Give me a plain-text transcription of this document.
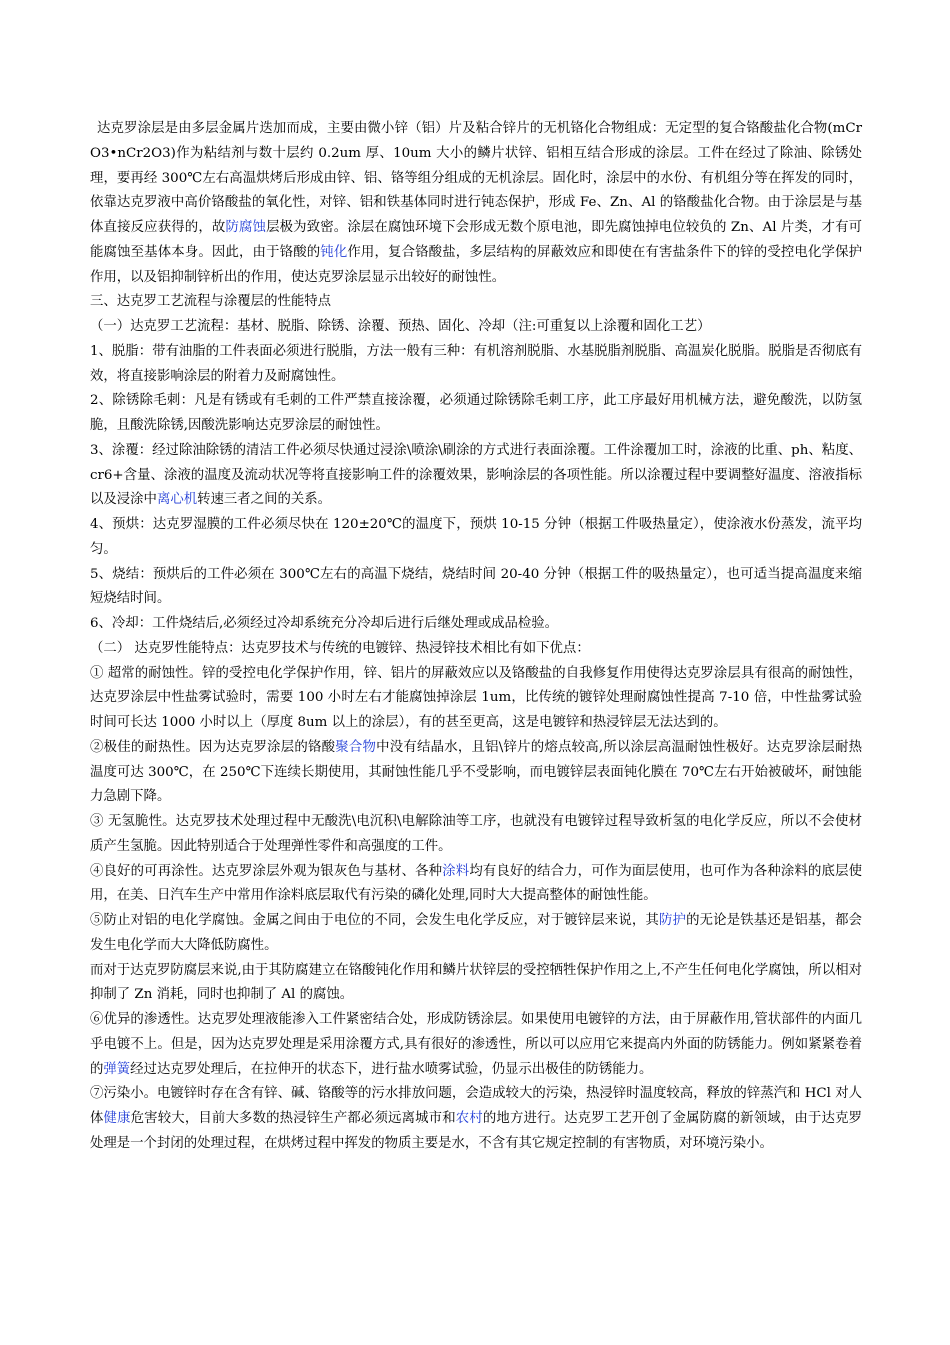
达克罗涂层是由多层金属片迭加而成，主要由微小锌（铝）片及粘合锌片的无机铬化合物组成：无定型的复合铬酸盐化合物(mCrO3•nCr2O3)作为粘结剂与数十层约 0.2um 厚、10um 大小的鳞片状锌、铝相互结合形成的涂层。工件在经过了除油、除锈处理，要再经 300℃左右高温烘烤后形成由锌、铝、铬等组分组成的无机涂层。固化时，涂层中的水份、有机组分等在挥发的同时，依靠达克罗液中高价铬酸盐的氧化性，对锌、铝和铁基体同时进行钝态保护，形成 Fe、Zn、Al 的铬酸盐化合物。由于涂层是与基体直接反应获得的，故防腐蚀层极为致密。涂层在腐蚀环境下会形成无数个原电池，即先腐蚀掉电位较负的 Zn、Al 片类，才有可能腐蚀至基体本身。因此，由于铬酸的钝化作用，复合铬酸盐，多层结构的屏蔽效应和即使在有害盐条件下的锌的受控电化学保护作用，以及铝抑制锌析出的作用，使达克罗涂层显示出较好的耐蚀性。

三、达克罗工艺流程与涂覆层的性能特点

（一）达克罗工艺流程：基材、脱脂、除锈、涂覆、预热、固化、冷却（注:可重复以上涂覆和固化工艺）

1、脱脂：带有油脂的工件表面必须进行脱脂，方法一般有三种：有机溶剂脱脂、水基脱脂剂脱脂、高温炭化脱脂。脱脂是否彻底有效，将直接影响涂层的附着力及耐腐蚀性。

2、除锈除毛刺：凡是有锈或有毛刺的工件严禁直接涂覆，必须通过除锈除毛刺工序，此工序最好用机械方法，避免酸洗，以防氢脆，且酸洗除锈,因酸洗影响达克罗涂层的耐蚀性。

3、涂覆：经过除油除锈的清洁工件必须尽快通过浸涂\喷涂\刷涂的方式进行表面涂覆。工件涂覆加工时，涂液的比重、ph、粘度、cr6+含量、涂液的温度及流动状况等将直接影响工件的涂覆效果，影响涂层的各项性能。所以涂覆过程中要调整好温度、溶液指标以及浸涂中离心机转速三者之间的关系。

4、预烘：达克罗湿膜的工件必须尽快在 120±20℃的温度下，预烘 10-15 分钟（根据工件吸热量定），使涂液水份蒸发，流平均匀。

5、烧结：预烘后的工件必须在 300℃左右的高温下烧结，烧结时间 20-40 分钟（根据工件的吸热量定），也可适当提高温度来缩短烧结时间。

6、冷却：工件烧结后,必须经过冷却系统充分冷却后进行后继处理或成品检验。

（二） 达克罗性能特点：达克罗技术与传统的电镀锌、热浸锌技术相比有如下优点：

① 超常的耐蚀性。锌的受控电化学保护作用，锌、铝片的屏蔽效应以及铬酸盐的自我修复作用使得达克罗涂层具有很高的耐蚀性，达克罗涂层中性盐雾试验时，需要 100 小时左右才能腐蚀掉涂层 1um，比传统的镀锌处理耐腐蚀性提高 7-10 倍，中性盐雾试验时间可长达 1000 小时以上（厚度 8um 以上的涂层），有的甚至更高，这是电镀锌和热浸锌层无法达到的。

②极佳的耐热性。因为达克罗涂层的铬酸聚合物中没有结晶水，且铝\锌片的熔点较高,所以涂层高温耐蚀性极好。达克罗涂层耐热温度可达 300℃，在 250℃下连续长期使用，其耐蚀性能几乎不受影响，而电镀锌层表面钝化膜在 70℃左右开始被破坏，耐蚀能力急剧下降。

③ 无氢脆性。达克罗技术处理过程中无酸洗\电沉积\电解除油等工序，也就没有电镀锌过程导致析氢的电化学反应，所以不会使材质产生氢脆。因此特别适合于处理弹性零件和高强度的工件。

④良好的可再涂性。达克罗涂层外观为银灰色与基材、各种涂料均有良好的结合力，可作为面层使用，也可作为各种涂料的底层使用，在美、日汽车生产中常用作涂料底层取代有污染的磷化处理,同时大大提高整体的耐蚀性能。

⑤防止对铝的电化学腐蚀。金属之间由于电位的不同，会发生电化学反应，对于镀锌层来说，其防护的无论是铁基还是铝基，都会发生电化学而大大降低防腐性。

而对于达克罗防腐层来说,由于其防腐建立在铬酸钝化作用和鳞片状锌层的受控牺牲保护作用之上,不产生任何电化学腐蚀，所以相对抑制了 Zn 消耗，同时也抑制了 Al 的腐蚀。

⑥优异的渗透性。达克罗处理液能渗入工件紧密结合处，形成防锈涂层。如果使用电镀锌的方法，由于屏蔽作用,管状部件的内面几乎电镀不上。但是，因为达克罗处理是采用涂覆方式,具有很好的渗透性，所以可以应用它来提高内外面的防锈能力。例如紧紧卷着的弹簧经过达克罗处理后，在拉伸开的状态下，进行盐水喷雾试验，仍显示出极佳的防锈能力。

⑦污染小。电镀锌时存在含有锌、碱、铬酸等的污水排放问题，会造成较大的污染，热浸锌时温度较高，释放的锌蒸汽和 HCl 对人体健康危害较大，目前大多数的热浸锌生产都必须远离城市和农村的地方进行。达克罗工艺开创了金属防腐的新领域，由于达克罗处理是一个封闭的处理过程，在烘烤过程中挥发的物质主要是水，不含有其它规定控制的有害物质，对环境污染小。
